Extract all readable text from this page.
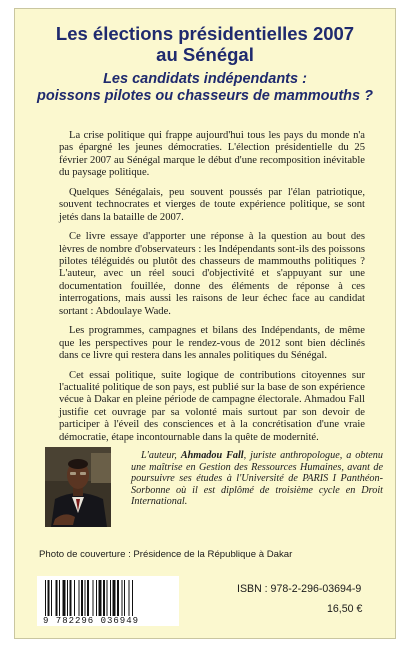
Les élections présidentielles 2007
au Sénégal
Les candidats indépendants :
poissons pilotes ou chasseurs de mammouths ?

La crise politique qui frappe aujourd'hui tous les pays du monde n'a pas épargné les jeunes démocraties. L'élection présidentielle du 25 février 2007 au Sénégal marque le début d'une recomposition inévitable du paysage politique.

Quelques Sénégalais, peu souvent poussés par l'élan patriotique, souvent technocrates et vierges de toute expérience politique, se sont jetés dans la bataille de 2007.

Ce livre essaye d'apporter une réponse à la question au bout des lèvres de nombre d'observateurs : les Indépendants sont-ils des poissons pilotes téléguidés ou plutôt des chasseurs de mammouths politiques ? L'auteur, avec un réel souci d'objectivité et s'appuyant sur une documentation fouillée, donne des éléments de réponse à ces interrogations, mais aussi les raisons de leur échec face au candidat sortant : Abdoulaye Wade.

Les programmes, campagnes et bilans des Indépendants, de même que les perspectives pour le rendez-vous de 2012 sont bien déclinés dans ce livre qui restera dans les annales politiques du Sénégal.

Cet essai politique, suite logique de contributions citoyennes sur l'actualité politique de son pays, est publié sur la base de son expérience vécue à Dakar en pleine période de campagne électorale. Ahmadou Fall justifie cet ouvrage par sa volonté mais surtout par son devoir de participer à l'éveil des consciences et à la concrétisation d'une vraie démocratie, étape incontournable dans la quête de modernité.

L'auteur, Ahmadou Fall, juriste anthropologue, a obtenu une maîtrise en Gestion des Ressources Humaines, avant de poursuivre ses études à l'Université de PARIS I Panthéon-Sorbonne où il est diplômé de troisième cycle en Droit International.

Photo de couverture : Présidence de la République à Dakar

9 782296 036949

ISBN : 978-2-296-03694-9

16,50 €
